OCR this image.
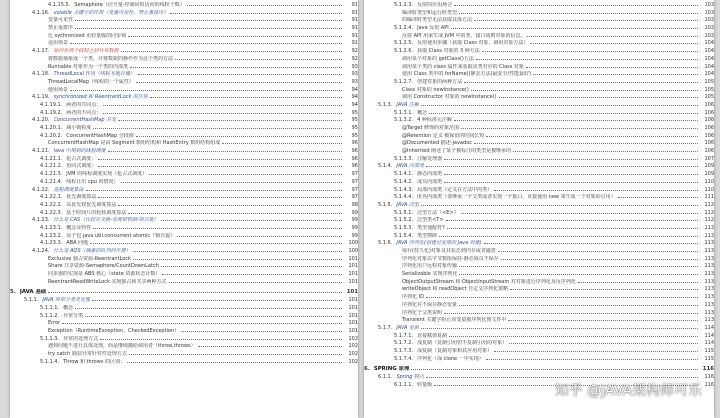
4.1.15.5. Semaphore（信号量-控制同时访问的线程个数）	91
4.1.16. volatile 关键字的作用（变量可见性、禁止重排序）	91
变量可见性	91
禁止重排序	91
比 sychronized 更轻量级的同步锁	91
适用场景	91
4.1.17. 如何在两个线程之间共享数据	92
将数据抽象成一个类，并将数据的操作作为这个类的方法	92
Runnable 对象作为一个类的内部类	93
4.1.18. ThreadLocal 作用（线程本地存储）	93
ThreadLocalMap（线程的一个属性）	93
使用场景	94
4.1.19. synchronized 和 ReentrantLock 的区别	94
4.1.19.1. 两者的共同点：	94
4.1.19.2. 两者的不同点：	95
4.1.20. ConcurrentHashMap 并发	95
4.1.20.1. 减小锁粒度	95
4.1.20.2. ConcurrentHashMap 分段锁	95
ConcurrentHashMap 是由 Segment 数组结构和 HashEntry 数组结构组成	96
4.1.21. Java 中用到的线程调度	96
4.1.21.1. 抢占式调度：	96
4.1.21.2. 协同式调度：	96
4.1.21.3. JVM 的线程调度实现（抢占式调度）	97
4.1.21.4. 线程让出 cpu 的情况：	97
4.1.22. 进程调度算法	97
4.1.22.1. 优先调度算法	97
4.1.22.2. 高优先权优先调度算法	98
4.1.22.3. 基于时间片的轮转调度算法	99
4.1.23. 什么是 CAS（比较并交换-乐观锁机制-锁自旋）	99
4.1.23.1. 概念及特性	99
4.1.23.2. 原子包 java.util.concurrent.atomic（锁自旋）	99
4.1.23.3. ABA 问题	100
4.1.24. 什么是 AQS（抽象的队列同步器）	100
Exclusive 独占资源-ReentrantLock	101
Share 共享资源-Semaphore/CountDownLatch	101
同步器的实现是 ABS 核心（state 资源状态计数）	101
ReentrantReadWriteLock 实现独占和共享两种方式	101
5. JAVA 基础	101
5.1.1. JAVA 异常分类及处理	101
5.1.1.1. 概念	101
5.1.1.2. 异常分类	101
Error	101
Exception（RuntimeException、CheckedException）	101
5.1.1.3. 异常的处理方式	102
遇到问题不进行具体处理，而是继续抛给调用者（throw,throws）	102
try catch 捕获异常针对性处理方式	102
5.1.1.4. Throw 和 throws 的区别：	102
5.1.2.3. 反射的应用场合	103
编译时类型和运行时类型	103
的编译时类型无法获取具体方法	103
5.1.2.4. Java 反射 API	103
反射 API 用来生成 JVM 中的类、接口或则对象的信息。	103
5.1.2.5. 反射使用步骤（获取 Class 对象、调用对象方法）	104
5.1.2.6. 获取 Class 对象的 3 种方法	104
调用某个对象的 getClass()方法	104
调用某个类的 class 属性来获取该类对应的 Class 对象	104
使用 Class 类中的 forName()静态方法(最安全/性能最好)	104
5.1.2.7. 创建对象的两种方法	105
Class 对象的 newInstance()	105
调用 Constructor 对象的 newInstance()	105
5.1.3. JAVA 注解	106
5.1.3.1. 概念	106
5.1.3.2. 4 种标准元注解	106
@Target 修饰的对象范围	106
@Retention 定义 被保留的时间长短	106
@Documented 描述-javadoc	106
@Inherited 阐述了某个被标注的类型是被继承的	106
5.1.3.3. 注解处理器	107
5.1.4. JAVA 内部类	109
5.1.4.1. 静态内部类	109
5.1.4.2. 成员内部类	110
5.1.4.3. 局部内部类（定义在方法中的类）	110
5.1.4.4. 匿名内部类（要继承一个父类或者实现一个接口、直接使用 new 来生成一个对象的引用）	111
5.1.5. JAVA 泛型	112
5.1.5.1. 泛型方法（<E>）	112
5.1.5.2. 泛型类<T>	112
5.1.5.3. 类型通配符?	113
5.1.5.4. 类型擦除	113
5.1.6. JAVA 序列化(创建可复用的 Java 对象)	113
保存(持久化)对象及其状态到内存或者磁盘	113
序列化对象以字节数组保持-静态成员不保存	113
序列化用户远程对象传输	113
Serializable 实现序列化	113
ObjectOutputStream 和 ObjectInputStream 对对象进行序列化及反序列化	113
writeObject 和 readObject 自定义序列化策略	113
序列化 ID	113
序列化并不保存静态变量	113
序列化子父类说明	113
Transient 关键字阻止该变量被序列化到文件中	113
5.1.7. JAVA 复制	114
5.1.7.1. 直接赋值复制	114
5.1.7.2. 浅复制（复制引用但不复制引用的对象）	114
5.1.7.3. 深复制（复制对象和其应用对象）	115
5.1.7.4. 序列化（深 clone 一中实现）	115
6. SPRING 原理	116
6.1.1. Spring 特点	116
6.1.1.1. 轻量级	116
知乎 @JAVA架构师可乐
